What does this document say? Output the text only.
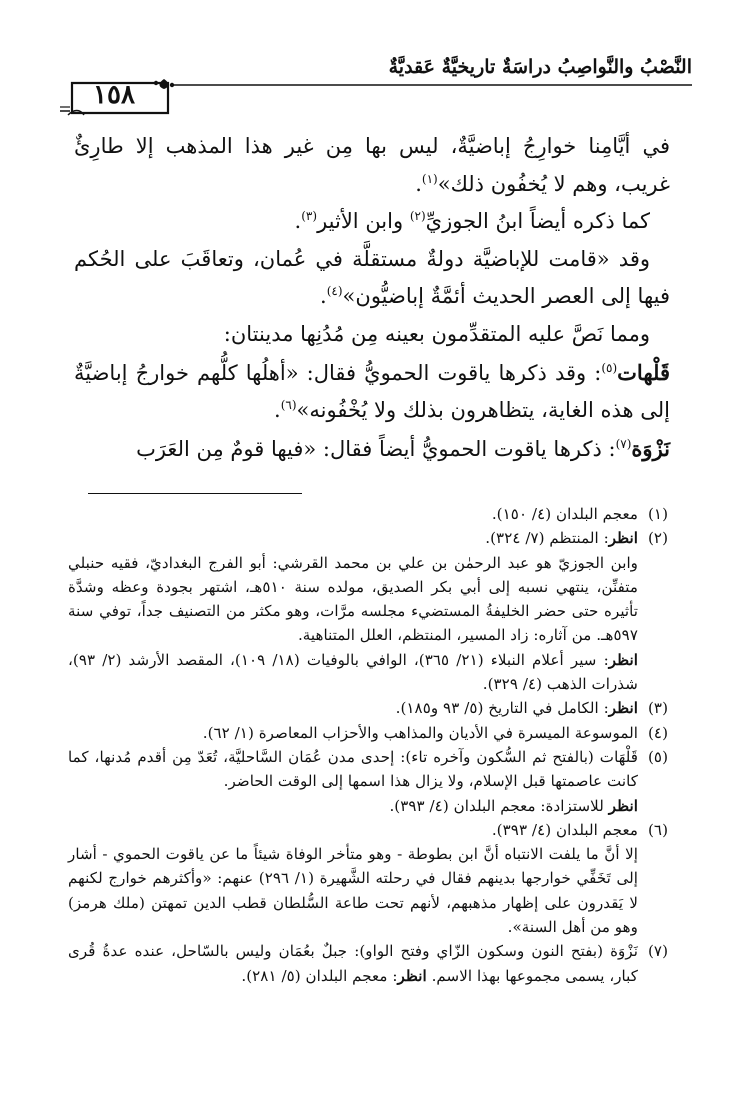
النَّصْبُ والنَّواصِبُ دراسَةٌ تاريخيَّةٌ عَقديَّةٌ
١٥٨

في أيَّامِنا خوارِجُ إباضيَّةٌ، ليس بها مِن غير هذا المذهب إلا طارِئٌ غريب، وهم لا يُخفُون ذلك»$^{(١)}$.

كما ذكره أيضاً ابنُ الجوزيِّ$^{(٢)}$ وابن الأثير$^{(٣)}$.

وقد «قامت للإباضيَّة دولةٌ مستقلَّة في عُمان، وتعاقَبَ على الحُكم فيها إلى العصر الحديث أئمَّةٌ إباضيُّون»$^{(٤)}$.

ومما نَصَّ عليه المتقدِّمون بعينه مِن مُدُنِها مدينتان:

قَلْهات$^{(٥)}$: وقد ذكرها ياقوت الحمويُّ فقال: «أهلُها كلُّهم خوارجُ إباضيَّةٌ إلى هذه الغاية، يتظاهرون بذلك ولا يُخْفُونه»$^{(٦)}$.

نَزْوَة$^{(٧)}$: ذكرها ياقوت الحمويُّ أيضاً فقال: «فيها قومٌ مِن العَرَب

(١)
معجم البلدان (٤/ ١٥٠).
(٢)
انظر: المنتظم (٧/ ٣٢٤).

وابن الجوزيّ هو عبد الرحمٰن بن علي بن محمد القرشي: أبو الفرج البغداديّ، فقيه حنبلي متفنِّن، ينتهي نسبه إلى أبي بكر الصديق، مولده سنة ٥١٠هـ، اشتهر بجودة وعظه وشدَّة تأثيره حتى حضر الخليفةُ المستضيء مجلسه مرَّات، وهو مكثر من التصنيف جداً، توفي سنة ٥٩٧هـ. من آثاره: زاد المسير، المنتظم، العلل المتناهية.

انظر: سير أعلام النبلاء (٢١/ ٣٦٥)، الوافي بالوفيات (١٨/ ١٠٩)، المقصد الأرشد (٢/ ٩٣)، شذرات الذهب (٤/ ٣٢٩).

(٣)
انظر: الكامل في التاريخ (٥/ ٩٣ و١٨٥).
(٤)
الموسوعة الميسرة في الأديان والمذاهب والأحزاب المعاصرة (١/ ٦٢).
(٥)
قَلْهَات (بالفتح ثم السُّكون وآخره تاء): إحدى مدن عُمَان السَّاحليَّة، تُعَدّ مِن أقدم مُدنها، كما كانت عاصمتها قبل الإسلام، ولا يزال هذا اسمها إلى الوقت الحاضر.

انظر للاستزادة: معجم البلدان (٤/ ٣٩٣).

(٦)
معجم البلدان (٤/ ٣٩٣).

إلا أنَّ ما يلفت الانتباه أنَّ ابن بطوطة - وهو متأخر الوفاة شيئاً ما عن ياقوت الحموي - أشار إلى تَخَفِّي خوارجها بدينهم فقال في رحلته الشَّهيرة (١/ ٢٩٦) عنهم: «وأكثرهم خوارج لكنهم لا يَقدرون على إظهار مذهبهم، لأنهم تحت طاعة السُّلطان قطب الدين تمهتن (ملك هرمز) وهو من أهل السنة».

(٧)
نَزْوَة (بفتح النون وسكون الزّاي وفتح الواو): جبلٌ بعُمَان وليس بالسّاحل، عنده عدةُ قُرى كبار، يسمى مجموعها بهذا الاسم. انظر: معجم البلدان (٥/ ٢٨١).
